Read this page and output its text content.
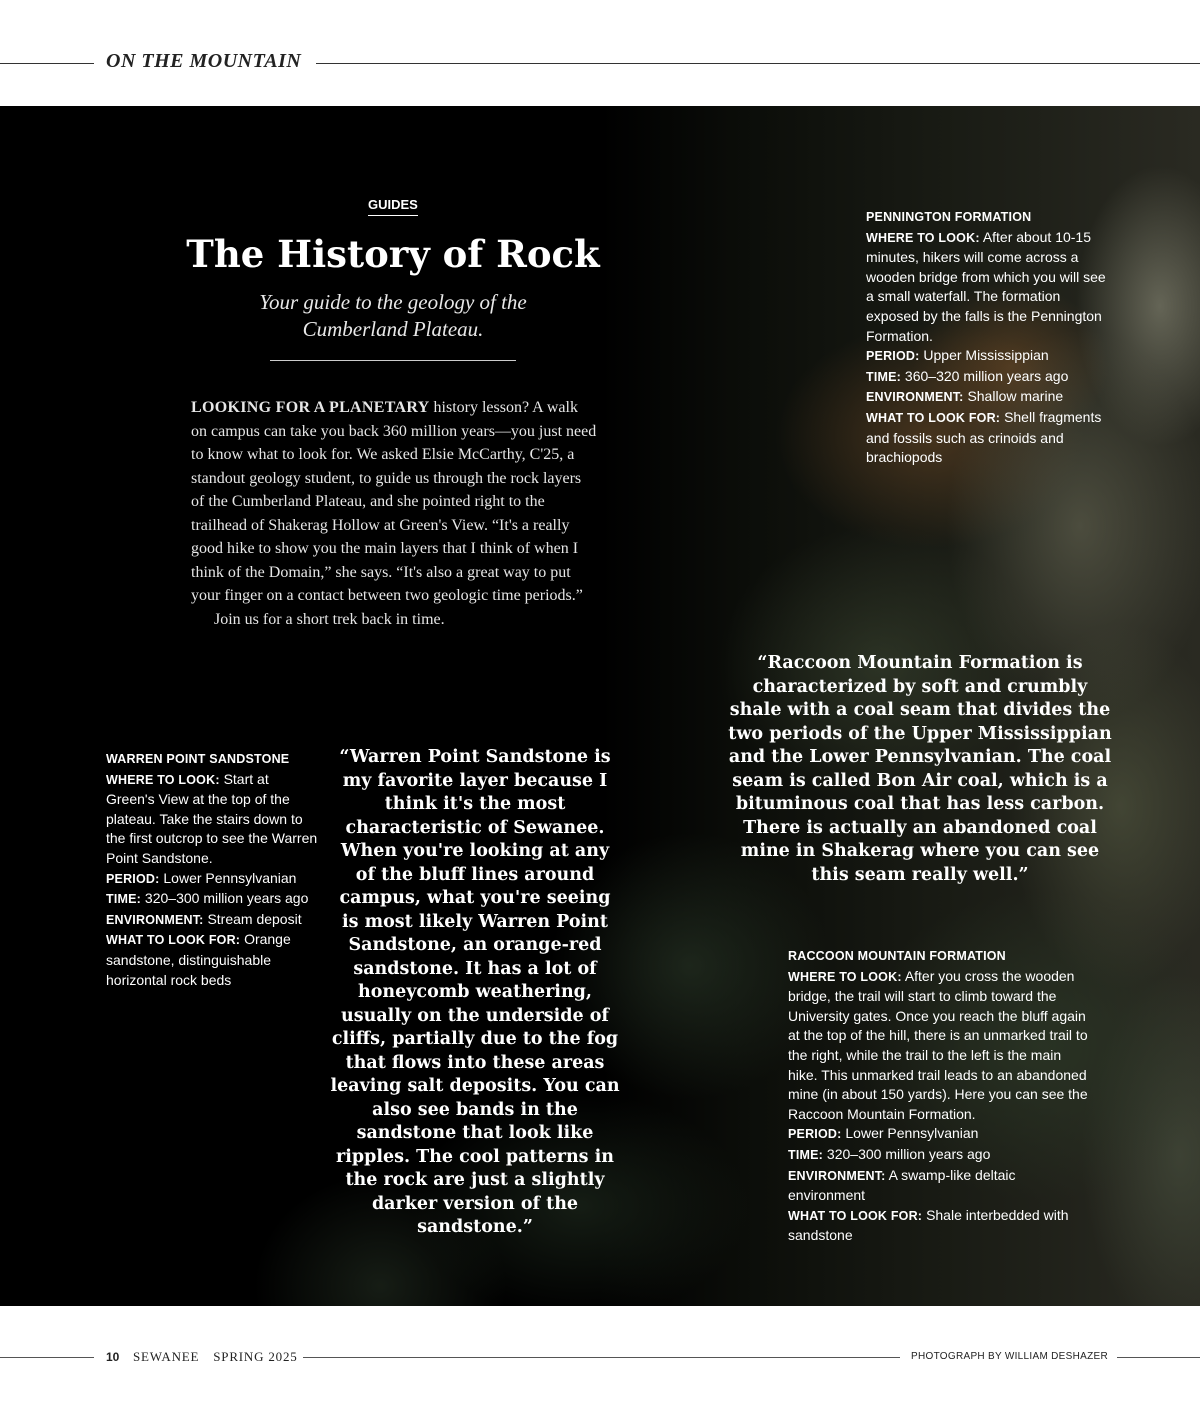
ON THE MOUNTAIN
GUIDES
The History of Rock
Your guide to the geology of the
Cumberland Plateau.

LOOKING FOR A PLANETARY history lesson? A walk on campus can take you back 360 million years—you just need to know what to look for. We asked Elsie McCarthy, C'25, a standout geology student, to guide us through the rock layers of the Cumberland Plateau, and she pointed right to the trailhead of Shakerag Hollow at Green's View. “It's a really good hike to show you the main layers that I think of when I think of the Domain,” she says. “It's also a great way to put your finger on a contact between two geologic time periods.”

Join us for a short trek back in time.

PENNINGTON FORMATION
WHERE TO LOOK: After about 10-15 minutes, hikers will come across a wooden bridge from which you will see a small waterfall. The formation exposed by the falls is the Pennington Formation.
PERIOD: Upper Mississippian
TIME: 360–320 million years ago
ENVIRONMENT: Shallow marine
WHAT TO LOOK FOR: Shell fragments and fossils such as crinoids and brachiopods
“Raccoon Mountain Formation is characterized by soft and crumbly shale with a coal seam that divides the two periods of the Upper Mississippian and the Lower Pennsylvanian. The coal seam is called Bon Air coal, which is a bituminous coal that has less carbon. There is actually an abandoned coal mine in Shakerag where you can see this seam really well.”
WARREN POINT SANDSTONE
WHERE TO LOOK: Start at Green's View at the top of the plateau. Take the stairs down to the first outcrop to see the Warren Point Sandstone.
PERIOD: Lower Pennsylvanian
TIME: 320–300 million years ago
ENVIRONMENT: Stream deposit
WHAT TO LOOK FOR: Orange sandstone, distinguishable horizontal rock beds
“Warren Point Sandstone is my favorite layer because I think it's the most characteristic of Sewanee. When you're looking at any of the bluff lines around campus, what you're seeing is most likely Warren Point Sandstone, an orange-red sandstone. It has a lot of honeycomb weathering, usually on the underside of cliffs, partially due to the fog that flows into these areas leaving salt deposits. You can also see bands in the sandstone that look like ripples. The cool patterns in the rock are just a slightly darker version of the sandstone.”
RACCOON MOUNTAIN FORMATION
WHERE TO LOOK: After you cross the wooden bridge, the trail will start to climb toward the University gates. Once you reach the bluff again at the top of the hill, there is an unmarked trail to the right, while the trail to the left is the main hike. This unmarked trail leads to an abandoned mine (in about 150 yards). Here you can see the Raccoon Mountain Formation.
PERIOD: Lower Pennsylvanian
TIME: 320–300 million years ago
ENVIRONMENT: A swamp-like deltaic environment
WHAT TO LOOK FOR: Shale interbedded with sandstone
10 SEWANEE SPRING 2025	PHOTOGRAPH BY WILLIAM DESHAZER
